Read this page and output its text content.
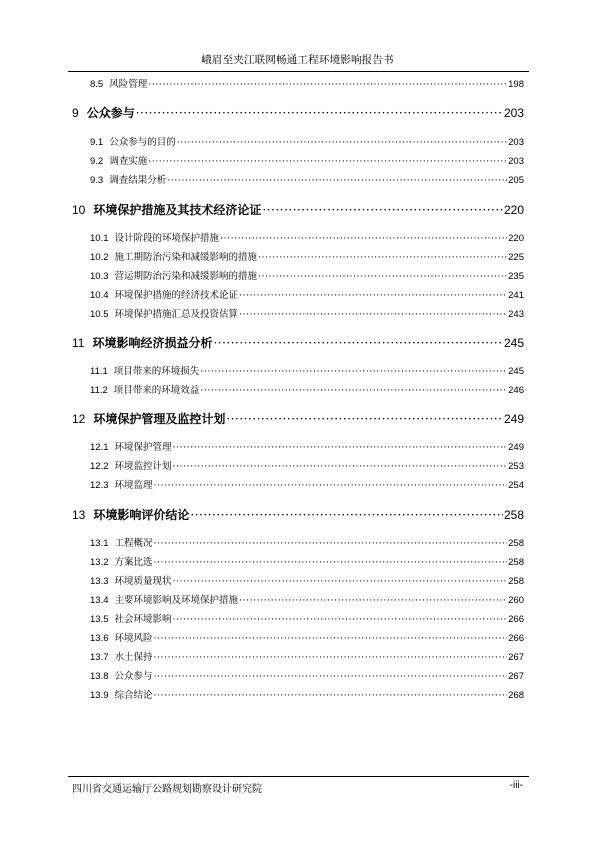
峨眉至夹江联网畅通工程环境影响报告书
8.5 风险管理 ·····	198
9 公众参与 ·····	203
9.1 公众参与的目的 ·····	203
9.2 调查实施 ·····	203
9.3 调查结果分析 ·····	205
10 环境保护措施及其技术经济论证 ·····	220
10.1 设计阶段的环境保护措施 ·····	220
10.2 施工期防治污染和减缓影响的措施 ·····	225
10.3 营运期防治污染和减缓影响的措施 ·····	235
10.4 环境保护措施的经济技术论证 ·····	241
10.5 环境保护措施汇总及投资估算 ·····	243
11 环境影响经济损益分析 ·····	245
11.1 项目带来的环境损失 ·····	245
11.2 项目带来的环境效益 ·····	246
12 环境保护管理及监控计划 ·····	249
12.1 环境保护管理 ·····	249
12.2 环境监控计划 ·····	253
12.3 环境监理 ·····	254
13 环境影响评价结论 ·····	258
13.1 工程概况 ·····	258
13.2 方案比选 ·····	258
13.3 环境质量现状 ·····	258
13.4 主要环境影响及环境保护措施 ·····	260
13.5 社会环境影响 ·····	266
13.6 环境风险 ·····	266
13.7 水土保持 ·····	267
13.8 公众参与 ·····	267
13.9 综合结论 ·····	268
四川省交通运输厅公路规划勘察设计研究院	-iii-
